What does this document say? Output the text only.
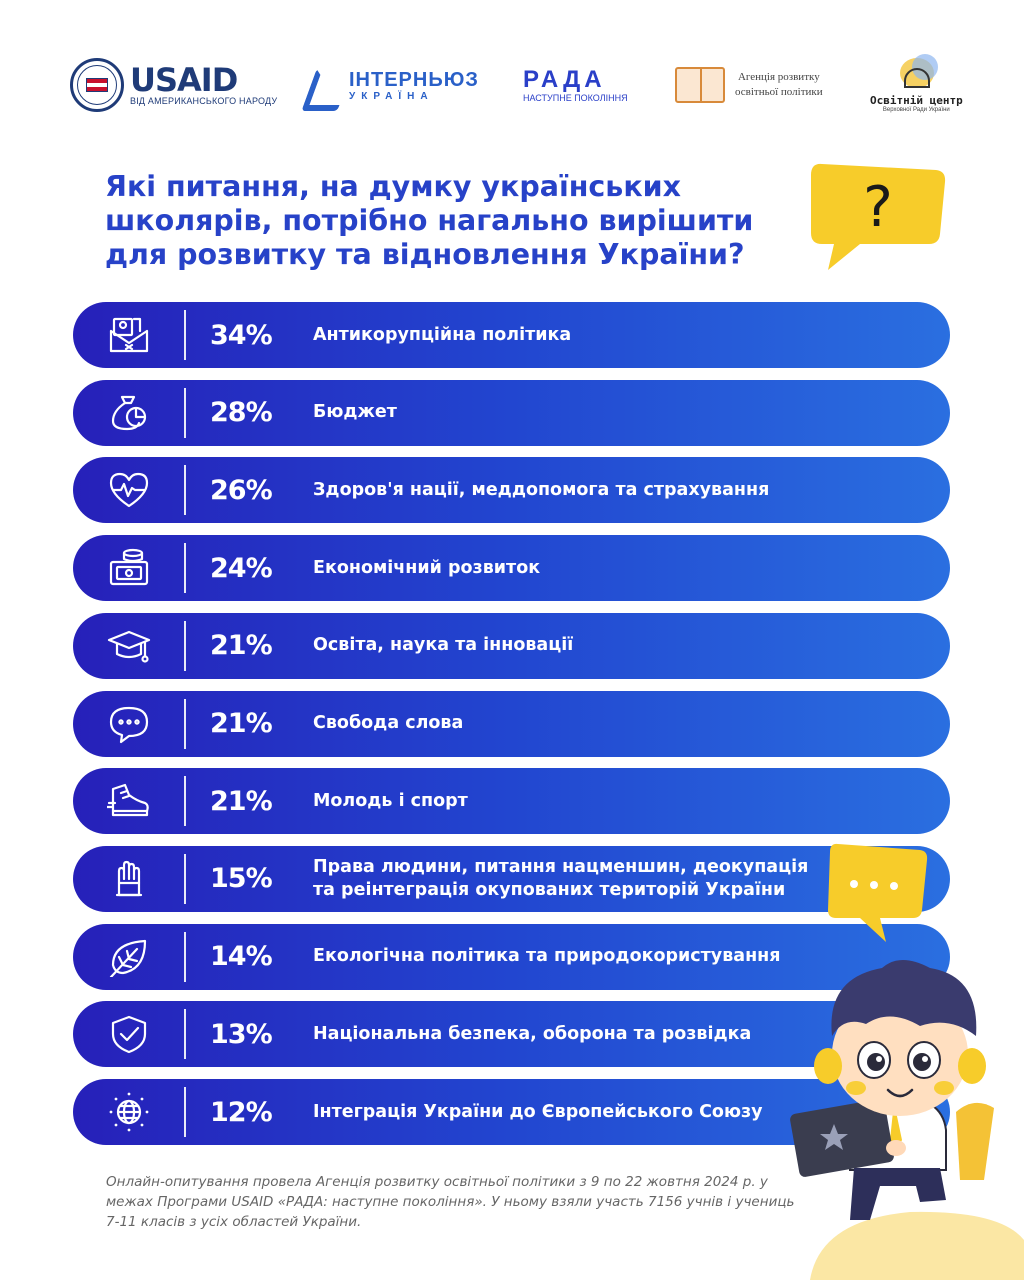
USAID
ВІД АМЕРИКАНСЬКОГО НАРОДУ
ІНТЕРНЬЮЗ
УКРАЇНА
РАДА
НАСТУПНЕ ПОКОЛІННЯ
Агенція розвитку
освітньої політики
Освітній центр
Верховної Ради України
Які питання, на думку українських школярів, потрібно нагально вирішити для розвитку та відновлення України?
?
34% Антикорупційна політика
28% Бюджет
26% Здоров'я нації, меддопомога та страхування
24% Економічний розвиток
21% Освіта, наука та інновації
21% Свобода слова
21% Молодь і спорт
15% Права людини, питання нацменшин, деокупація та реінтеграція окупованих територій України
14% Екологічна політика та природокористування
13% Національна безпека, оборона та розвідка
12% Інтеграція України до Європейського Союзу
Онлайн-опитування провела Агенція розвитку освітньої політики з 9 по 22 жовтня 2024 р. у межах Програми USAID «РАДА: наступне покоління». У ньому взяли участь 7156 учнів і учениць 7-11 класів з усіх областей України.
